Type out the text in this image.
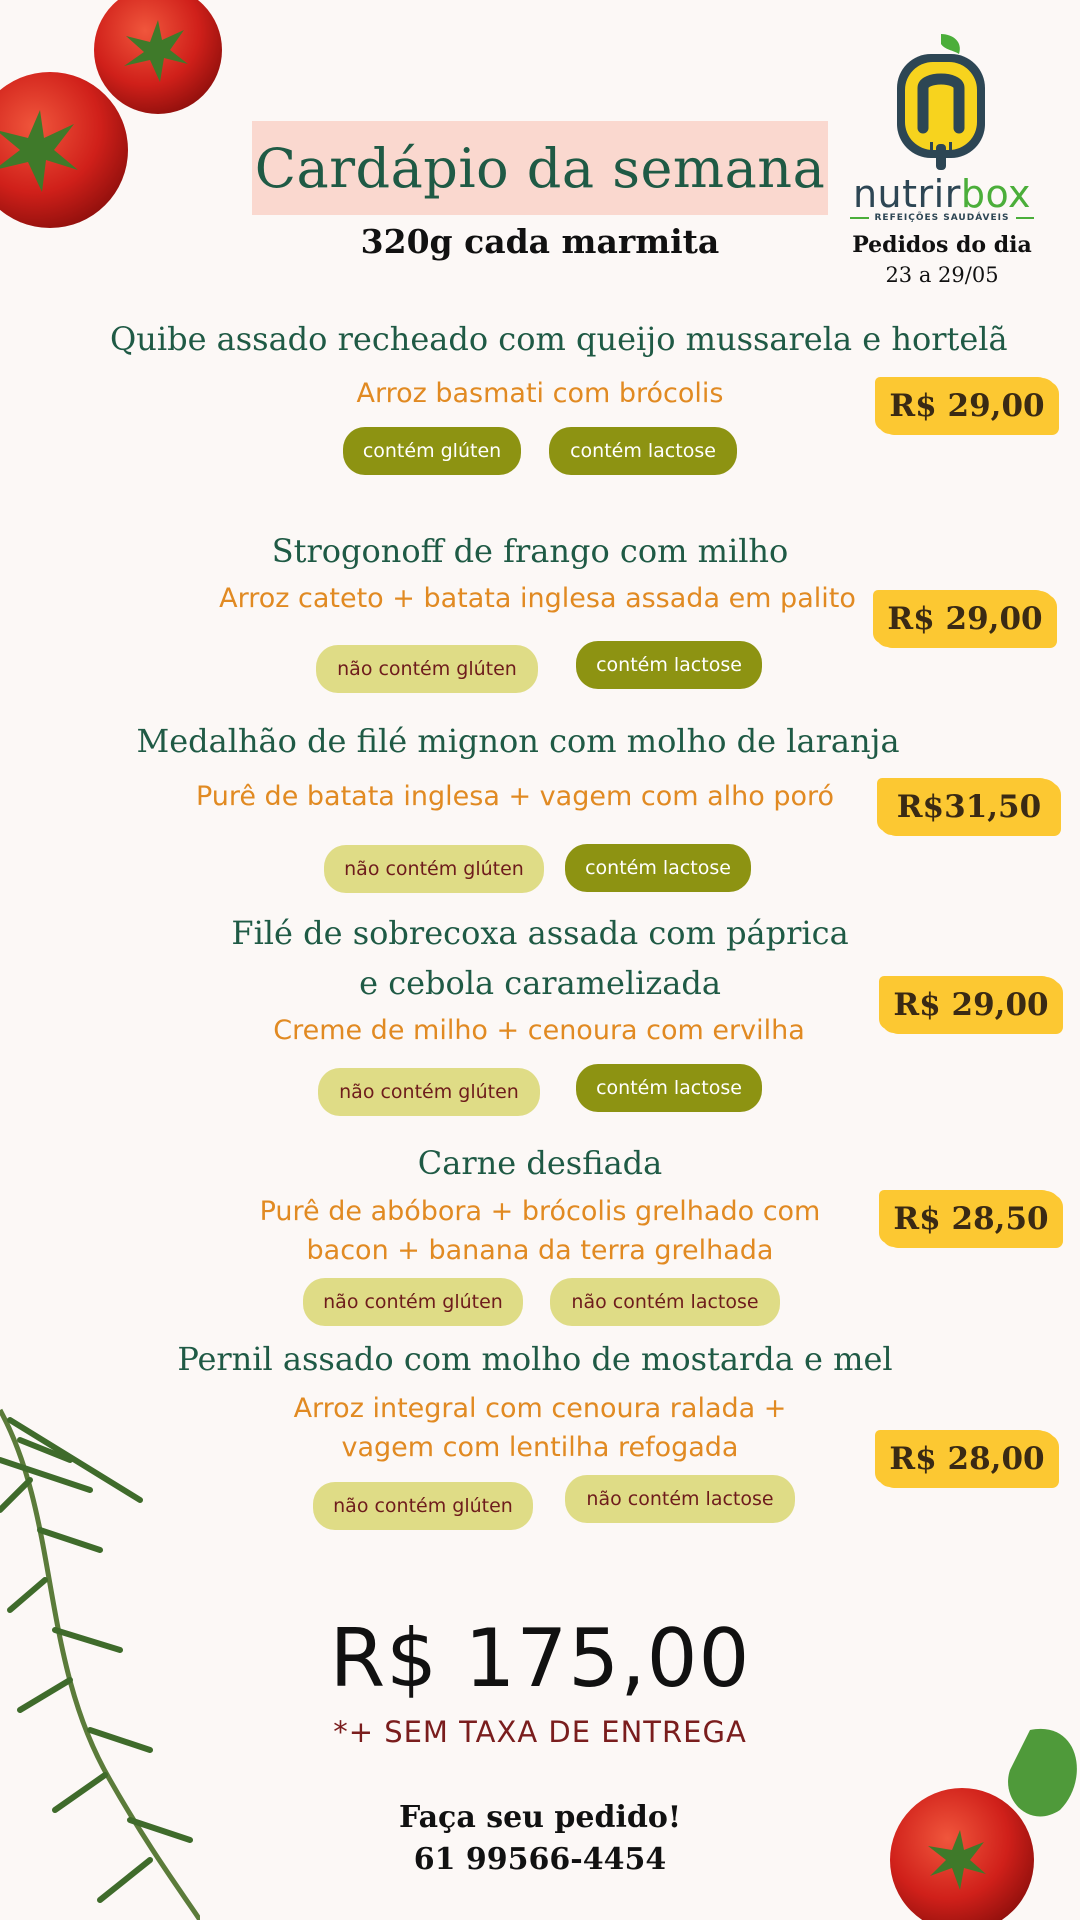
Cardápio da semana
320g cada marmita
nutrirbox
REFEIÇÕES SAUDÁVEIS
Pedidos do dia
23 a 29/05
Quibe assado recheado com queijo mussarela e hortelã
Arroz basmati com brócolis
contém glúten	contém lactose
R$ 29,00
Strogonoff de frango com milho
Arroz cateto + batata inglesa assada em palito
não contém glúten	contém lactose
R$ 29,00
Medalhão de filé mignon com molho de laranja
Purê de batata inglesa + vagem com alho poró
não contém glúten	contém lactose
R$31,50
Filé de sobrecoxa assada com páprica
e cebola caramelizada
Creme de milho + cenoura com ervilha
não contém glúten	contém lactose
R$ 29,00
Carne desfiada
Purê de abóbora + brócolis grelhado com
bacon + banana da terra grelhada
não contém glúten	não contém lactose
R$ 28,50
Pernil assado com molho de mostarda e mel
Arroz integral com cenoura ralada +
vagem com lentilha refogada
não contém glúten	não contém lactose
R$ 28,00
R$ 175,00
*+ SEM TAXA DE ENTREGA
Faça seu pedido!
61 99566-4454
